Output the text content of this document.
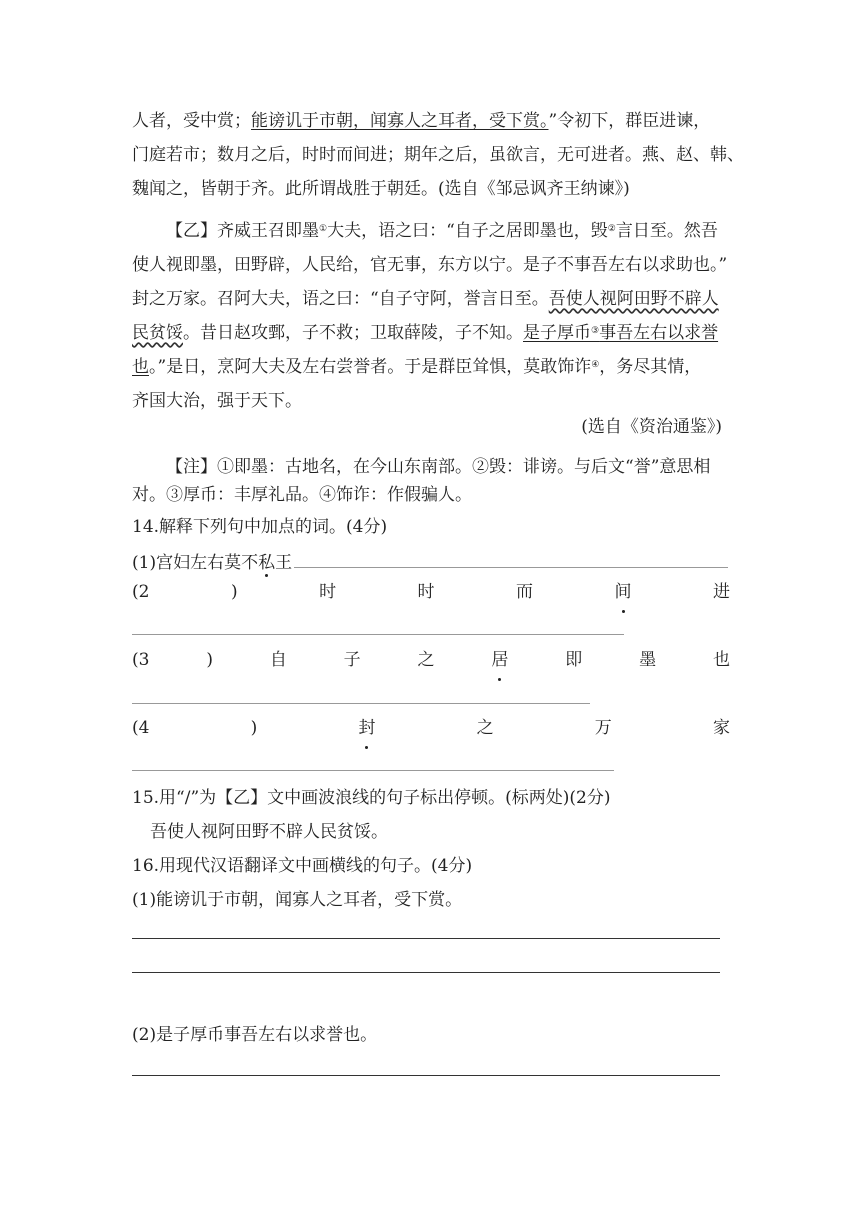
人者，受中赏；能谤讥于市朝，闻寡人之耳者，受下赏。”令初下，群臣进谏，
门庭若市；数月之后，时时而间进；期年之后，虽欲言，无可进者。燕、赵、韩、
魏闻之，皆朝于齐。此所谓战胜于朝廷。(选自《邹忌讽齐王纳谏》)
【乙】齐威王召即墨①大夫，语之曰：“自子之居即墨也，毁②言日至。然吾
使人视即墨，田野辟，人民给，官无事，东方以宁。是子不事吾左右以求助也。”
封之万家。召阿大夫，语之曰：“自子守阿，誉言日至。吾使人视阿田野不辟人
民贫馁。昔日赵攻鄄，子不救；卫取薛陵，子不知。是子厚币③事吾左右以求誉
也。”是日，烹阿大夫及左右尝誉者。于是群臣耸惧，莫敢饰诈④，务尽其情，
齐国大治，强于天下。
(选自《资治通鉴》)
【注】①即墨：古地名，在今山东南部。②毁：诽谤。与后文“誉”意思相
对。③厚币：丰厚礼品。④饰诈：作假骗人。
14.解释下列句中加点的词。(4分)
(1)宫妇左右莫不私王
(2	)	时	时	而	间	进
(3	)	自	子	之	居	即	墨	也
(4	)	封	之	万	家
15.用“/”为【乙】文中画波浪线的句子标出停顿。(标两处)(2分)
吾使人视阿田野不辟人民贫馁。
16.用现代汉语翻译文中画横线的句子。(4分)
(1)能谤讥于市朝，闻寡人之耳者，受下赏。
(2)是子厚币事吾左右以求誉也。
